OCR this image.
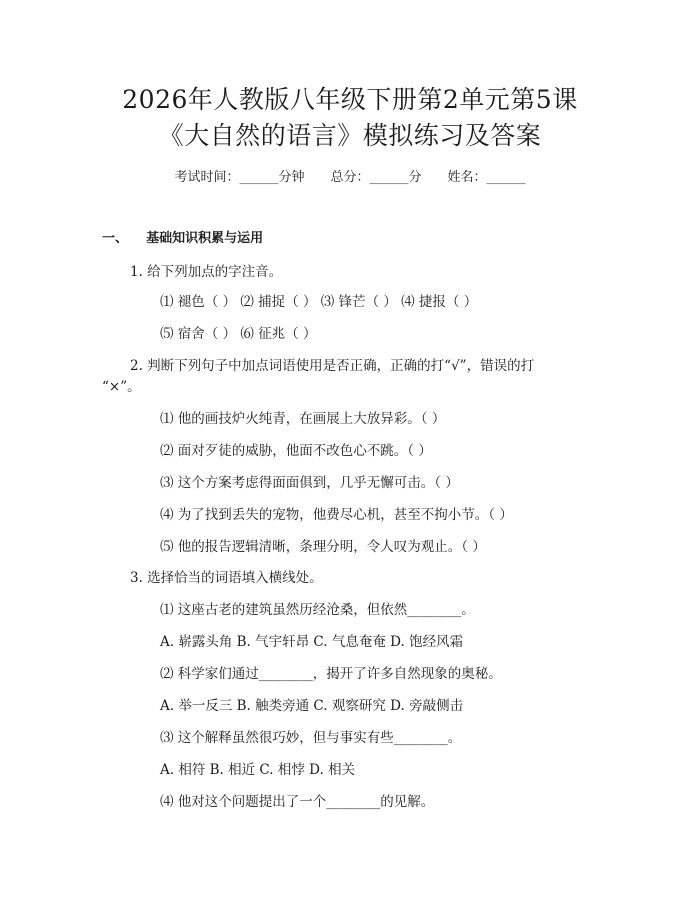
2026年人教版八年级下册第2单元第5课
《大自然的语言》模拟练习及答案
考试时间：______分钟 总分：______分 姓名：______
一、 基础知识积累与运用
1. 给下列加点的字注音。
⑴ 褪色（ ） ⑵ 捕捉（ ） ⑶ 锋芒（ ） ⑷ 捷报（ ）
⑸ 宿舍（ ） ⑹ 征兆（ ）
2. 判断下列句子中加点词语使用是否正确，正确的打“√”，错误的打
“×”。
⑴ 他的画技炉火纯青，在画展上大放异彩。（ ）
⑵ 面对歹徒的威胁，他面不改色心不跳。（ ）
⑶ 这个方案考虑得面面俱到，几乎无懈可击。（ ）
⑷ 为了找到丢失的宠物，他费尽心机，甚至不拘小节。（ ）
⑸ 他的报告逻辑清晰，条理分明，令人叹为观止。（ ）
3. 选择恰当的词语填入横线处。
⑴ 这座古老的建筑虽然历经沧桑，但依然________。
A. 崭露头角 B. 气宇轩昂 C. 气息奄奄 D. 饱经风霜
⑵ 科学家们通过________，揭开了许多自然现象的奥秘。
A. 举一反三 B. 触类旁通 C. 观察研究 D. 旁敲侧击
⑶ 这个解释虽然很巧妙，但与事实有些________。
A. 相符 B. 相近 C. 相悖 D. 相关
⑷ 他对这个问题提出了一个________的见解。
